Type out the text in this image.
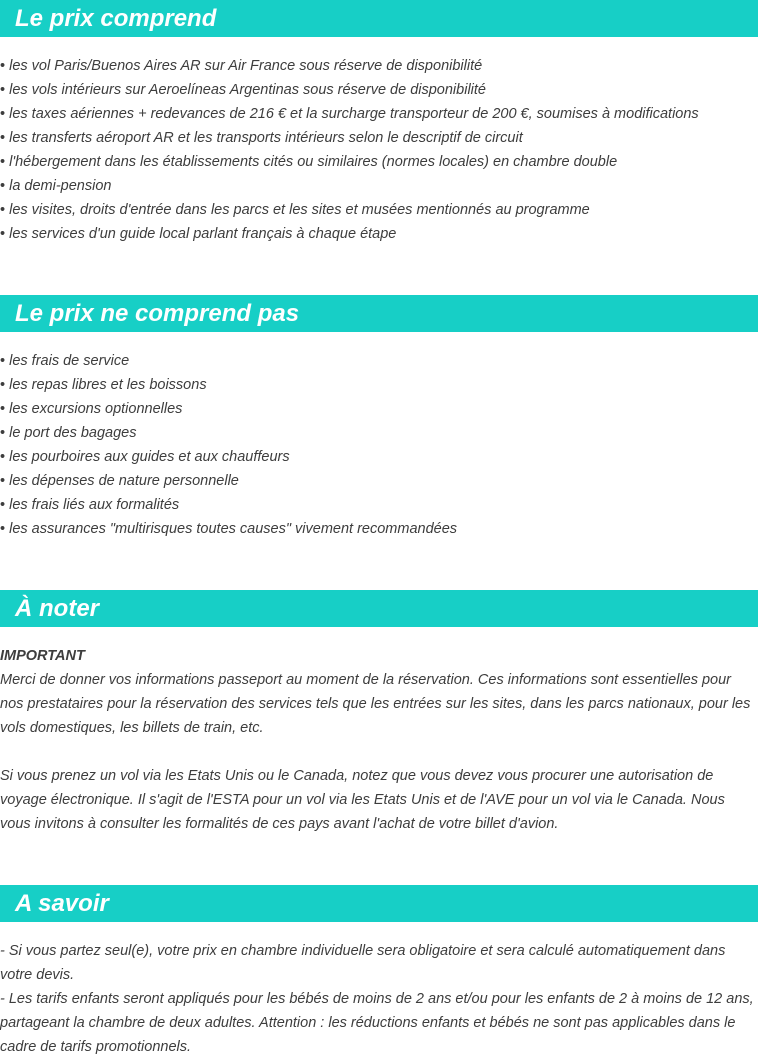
Le prix comprend
• les vol Paris/Buenos Aires AR sur Air France sous réserve de disponibilité
• les vols intérieurs sur Aeroelíneas Argentinas sous réserve de disponibilité
• les taxes aériennes + redevances de 216 € et la surcharge transporteur de 200 €, soumises à modifications
• les transferts aéroport AR et les transports intérieurs selon le descriptif de circuit
• l'hébergement dans les établissements cités ou similaires (normes locales) en chambre double
• la demi-pension
• les visites, droits d'entrée dans les parcs et les sites et musées mentionnés au programme
• les services d'un guide local parlant français à chaque étape
Le prix ne comprend pas
• les frais de service
• les repas libres et les boissons
• les excursions optionnelles
• le port des bagages
• les pourboires aux guides et aux chauffeurs
• les dépenses de nature personnelle
• les frais liés aux formalités
• les assurances "multirisques toutes causes" vivement recommandées
À noter
IMPORTANT
Merci de donner vos informations passeport au moment de la réservation. Ces informations sont essentielles pour nos prestataires pour la réservation des services tels que les entrées sur les sites, dans les parcs nationaux, pour les vols domestiques, les billets de train, etc.
Si vous prenez un vol via les Etats Unis ou le Canada, notez que vous devez vous procurer une autorisation de voyage électronique. Il s'agit de l'ESTA pour un vol via les Etats Unis et de l'AVE pour un vol via le Canada. Nous vous invitons à consulter les formalités de ces pays avant l'achat de votre billet d'avion.
A savoir
- Si vous partez seul(e), votre prix en chambre individuelle sera obligatoire et sera calculé automatiquement dans votre devis.
- Les tarifs enfants seront appliqués pour les bébés de moins de 2 ans et/ou pour les enfants de 2 à moins de 12 ans, partageant la chambre de deux adultes. Attention : les réductions enfants et bébés ne sont pas applicables dans le cadre de tarifs promotionnels.
